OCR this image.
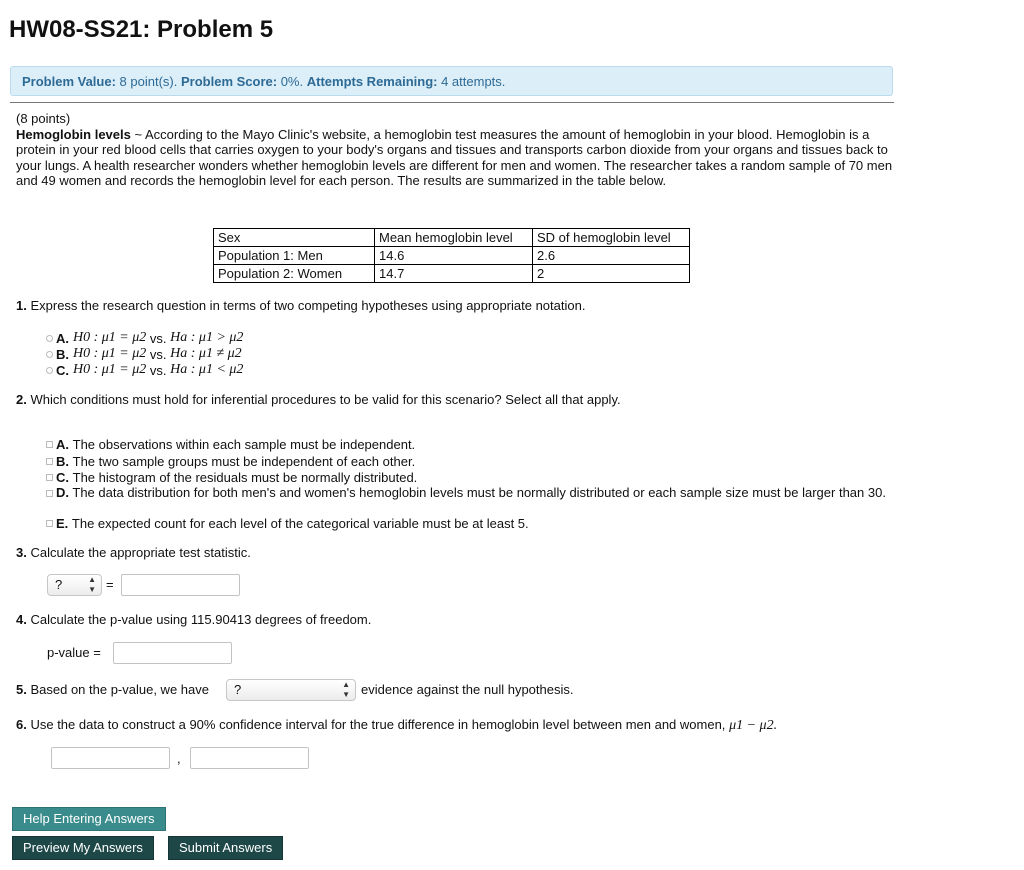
HW08-SS21: Problem 5
Problem Value: 8 point(s). Problem Score: 0%. Attempts Remaining: 4 attempts.

(8 points)

Hemoglobin levels ~ According to the Mayo Clinic's website, a hemoglobin test measures the amount of hemoglobin in your blood. Hemoglobin is a protein in your red blood cells that carries oxygen to your body's organs and tissues and transports carbon dioxide from your organs and tissues back to your lungs. A health researcher wonders whether hemoglobin levels are different for men and women. The researcher takes a random sample of 70 men and 49 women and records the hemoglobin level for each person. The results are summarized in the table below.

Sex	Mean hemoglobin level	SD of hemoglobin level
Population 1: Men	14.6	2.6
Population 2: Women	14.7	2
1. Express the research question in terms of two competing hypotheses using appropriate notation.
A. H0 : μ1 = μ2
vs.
Ha : μ1 > μ2
B. H0 : μ1 = μ2
vs.
Ha : μ1 ≠ μ2
C. H0 : μ1 = μ2
vs.
Ha : μ1 < μ2
2. Which conditions must hold for inferential procedures to be valid for this scenario? Select all that apply.
A.
The observations within each sample must be independent.
B.
The two sample groups must be independent of each other.
C.
The histogram of the residuals must be normally distributed.
D. The data distribution for both men's and women's hemoglobin levels must be normally distributed or each sample size must be larger than 30.
E.
The expected count for each level of the categorical variable must be at least 5.
3. Calculate the appropriate test statistic.
?	▲
▼ =
4. Calculate the p-value using 115.90413 degrees of freedom.
p-value =
5. Based on the p-value, we have	?	▲
▼ evidence against the null hypothesis.
6. Use the data to construct a 90% confidence interval for the true difference in hemoglobin level between men and women, μ1 − μ2.
,
Help Entering Answers
Preview My Answers	Submit Answers
